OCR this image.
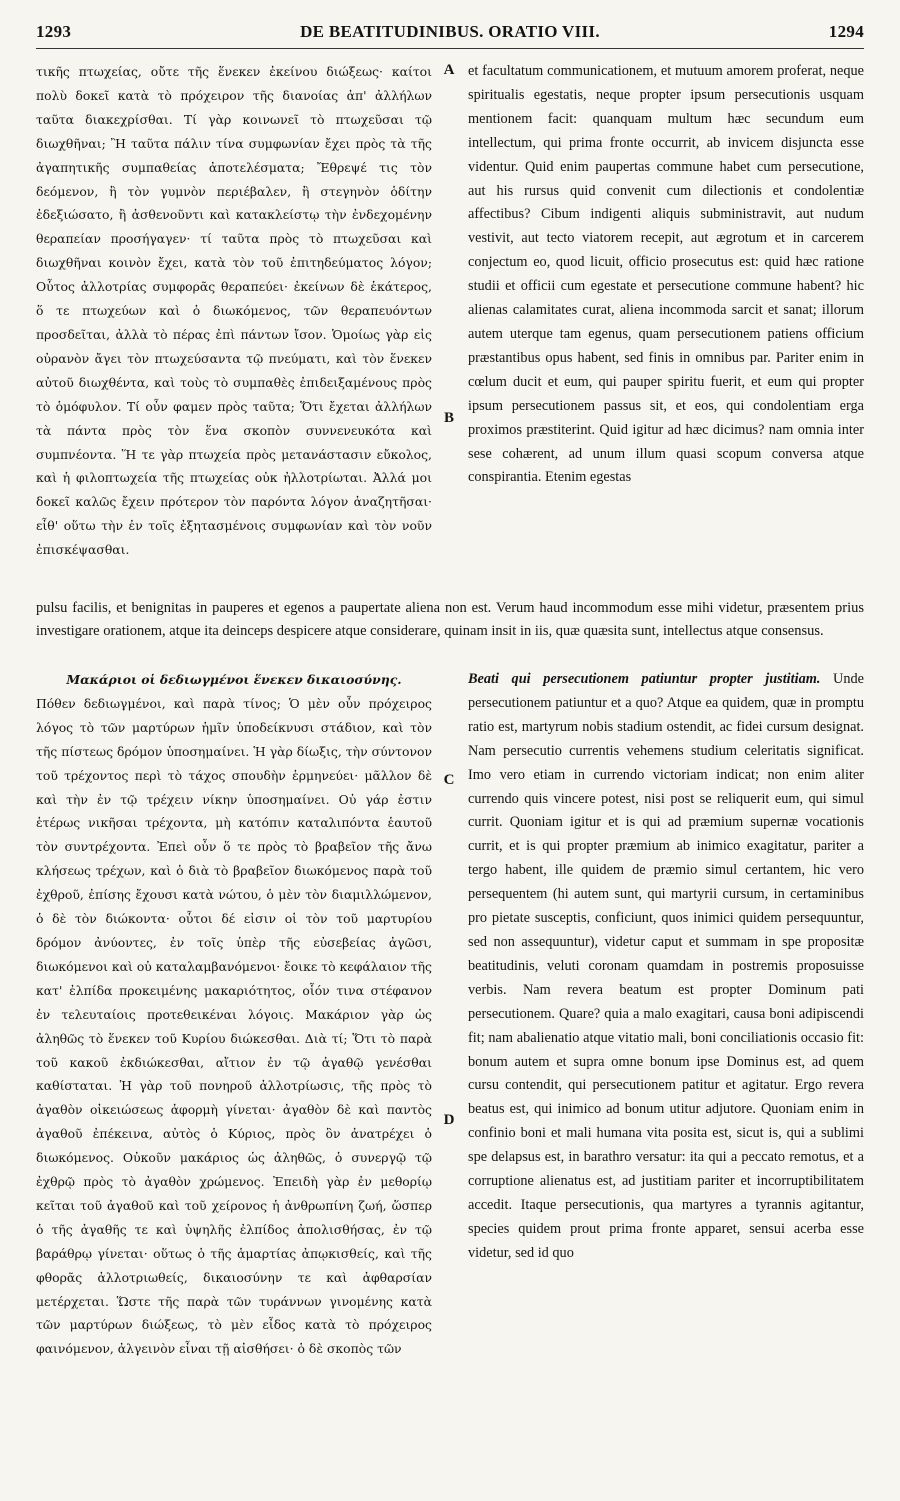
1293	DE BEATITUDINIBUS. ORATIO VIII.	1294

τικῆς πτωχείας, οὔτε τῆς ἕνεκεν ἐκείνου διώξεως· καίτοι πολὺ δοκεῖ κατὰ τὸ πρόχειρον τῆς διανοίας ἀπ' ἀλλήλων ταῦτα διακεχρίσθαι. Τί γὰρ κοινωνεῖ τὸ πτωχεῦσαι τῷ διωχθῆναι; Ἢ ταῦτα πάλιν τίνα συμφωνίαν ἔχει πρὸς τὰ τῆς ἀγαπητικῆς συμπαθείας ἀποτελέσματα; Ἔθρεψέ τις τὸν δεόμενον, ἢ τὸν γυμνὸν περιέβαλεν, ἢ στεγηνὸν ὁδίτην ἐδεξιώσατο, ἢ ἀσθενοῦντι καὶ κατακλείστῳ τὴν ἐνδεχομένην θεραπείαν προσήγαγεν· τί ταῦτα πρὸς τὸ πτωχεῦσαι καὶ διωχθῆναι κοινὸν ἔχει, κατὰ τὸν τοῦ ἐπιτηδεύματος λόγον; Οὗτος ἀλλοτρίας συμφορᾶς θεραπεύει· ἐκείνων δὲ ἑκάτερος, ὅ τε πτωχεύων καὶ ὁ διωκόμενος, τῶν θεραπευόντων προσδεῖται, ἀλλὰ τὸ πέρας ἐπὶ πάντων ἴσον. Ὁμοίως γὰρ εἰς οὐρανὸν ἄγει τὸν πτωχεύσαντα τῷ πνεύματι, καὶ τὸν ἕνεκεν αὐτοῦ διωχθέντα, καὶ τοὺς τὸ συμπαθὲς ἐπιδειξαμένους πρὸς τὸ ὁμόφυλον. Τί οὖν φαμεν πρὸς ταῦτα; Ὅτι ἔχεται ἀλλήλων τὰ πάντα πρὸς τὸν ἕνα σκοπὸν συννενευκότα καὶ συμπνέοντα. Ἥ τε γὰρ πτωχεία πρὸς μετανάστασιν εὔκολος, καὶ ἡ φιλοπτωχεία τῆς πτωχείας οὐκ ἠλλοτρίωται. Ἀλλά μοι δοκεῖ καλῶς ἔχειν πρότερον τὸν παρόντα λόγον ἀναζητῆσαι· εἶθ' οὕτω τὴν ἐν τοῖς ἐξητασμένοις συμφωνίαν καὶ τὸν νοῦν ἐπισκέψασθαι.

et facultatum communicationem, et mutuum amorem proferat, neque spiritualis egestatis, neque propter ipsum persecutionis usquam mentionem facit: quanquam multum hæc secundum eum intellectum, qui prima fronte occurrit, ab invicem disjuncta esse videntur. Quid enim paupertas commune habet cum persecutione, aut his rursus quid convenit cum dilectionis et condolentiæ affectibus? Cibum indigenti aliquis subministravit, aut nudum vestivit, aut tecto viatorem recepit, aut ægrotum et in carcerem conjectum eo, quod licuit, officio prosecutus est: quid hæc ratione studii et officii cum egestate et persecutione commune habent? hic alienas calamitates curat, aliena incommoda sarcit et sanat; illorum autem uterque tam egenus, quam persecutionem patiens officium præstantibus opus habent, sed finis in omnibus par. Pariter enim in cœlum ducit et eum, qui pauper spiritu fuerit, et eum qui propter ipsum persecutionem passus sit, et eos, qui condolentiam erga proximos præstiterint. Quid igitur ad hæc dicimus? nam omnia inter sese cohærent, ad unum illum quasi scopum conversa atque conspirantia. Etenim egestas

A
B
C
D

pulsu facilis, et benignitas in pauperes et egenos a paupertate aliena non est. Verum haud incommodum esse mihi videtur, præsentem prius investigare orationem, atque ita deinceps despicere atque considerare, quinam insit in iis, quæ quæsita sunt, intellectus atque consensus.

Μακάριοι οἱ δεδιωγμένοι ἕνεκεν δικαιοσύνης.

Πόθεν δεδιωγμένοι, καὶ παρὰ τίνος; Ὁ μὲν οὖν πρόχειρος λόγος τὸ τῶν μαρτύρων ἡμῖν ὑποδείκνυσι στάδιον, καὶ τὸν τῆς πίστεως δρόμον ὑποσημαίνει. Ἡ γὰρ δίωξις, τὴν σύντονον τοῦ τρέχοντος περὶ τὸ τάχος σπουδὴν ἑρμηνεύει· μᾶλλον δὲ καὶ τὴν ἐν τῷ τρέχειν νίκην ὑποσημαίνει. Οὐ γάρ ἐστιν ἑτέρως νικῆσαι τρέχοντα, μὴ κατόπιν καταλιπόντα ἑαυτοῦ τὸν συντρέχοντα. Ἐπεὶ οὖν ὅ τε πρὸς τὸ βραβεῖον τῆς ἄνω κλήσεως τρέχων, καὶ ὁ διὰ τὸ βραβεῖον διωκόμενος παρὰ τοῦ ἐχθροῦ, ἐπίσης ἔχουσι κατὰ νώτου, ὁ μὲν τὸν διαμιλλώμενον, ὁ δὲ τὸν διώκοντα· οὗτοι δέ εἰσιν οἱ τὸν τοῦ μαρτυρίου δρόμον ἀνύοντες, ἐν τοῖς ὑπὲρ τῆς εὐσεβείας ἀγῶσι, διωκόμενοι καὶ οὐ καταλαμβανόμενοι· ἔοικε τὸ κεφάλαιον τῆς κατ' ἐλπίδα προκειμένης μακαριότητος, οἷόν τινα στέφανον ἐν τελευταίοις προτεθεικέναι λόγοις. Μακάριον γὰρ ὡς ἀληθῶς τὸ ἕνεκεν τοῦ Κυρίου διώκεσθαι. Διὰ τί; Ὅτι τὸ παρὰ τοῦ κακοῦ ἐκδιώκεσθαι, αἴτιον ἐν τῷ ἀγαθῷ γενέσθαι καθίσταται. Ἡ γὰρ τοῦ πονηροῦ ἀλλοτρίωσις, τῆς πρὸς τὸ ἀγαθὸν οἰκειώσεως ἀφορμὴ γίνεται· ἀγαθὸν δὲ καὶ παντὸς ἀγαθοῦ ἐπέκεινα, αὐτὸς ὁ Κύριος, πρὸς ὃν ἀνατρέχει ὁ διωκόμενος. Οὐκοῦν μακάριος ὡς ἀληθῶς, ὁ συνεργῷ τῷ ἐχθρῷ πρὸς τὸ ἀγαθὸν χρώμενος. Ἐπειδὴ γὰρ ἐν μεθορίῳ κεῖται τοῦ ἀγαθοῦ καὶ τοῦ χείρονος ἡ ἀνθρωπίνη ζωή, ὥσπερ ὁ τῆς ἀγαθῆς τε καὶ ὑψηλῆς ἐλπίδος ἀπολισθήσας, ἐν τῷ βαράθρῳ γίνεται· οὕτως ὁ τῆς ἁμαρτίας ἀπῳκισθείς, καὶ τῆς φθορᾶς ἀλλοτριωθείς, δικαιοσύνην τε καὶ ἀφθαρσίαν μετέρχεται. Ὥστε τῆς παρὰ τῶν τυράννων γινομένης κατὰ τῶν μαρτύρων διώξεως, τὸ μὲν εἶδος κατὰ τὸ πρόχειρος φαινόμενον, ἀλγεινὸν εἶναι τῇ αἰσθήσει· ὁ δὲ σκοπὸς τῶν

Beati qui persecutionem patiuntur propter justitiam. Unde persecutionem patiuntur et a quo? Atque ea quidem, quæ in promptu ratio est, martyrum nobis stadium ostendit, ac fidei cursum designat. Nam persecutio currentis vehemens studium celeritatis significat. Imo vero etiam in currendo victoriam indicat; non enim aliter currendo quis vincere potest, nisi post se reliquerit eum, qui simul currit. Quoniam igitur et is qui ad præmium supernæ vocationis currit, et is qui propter præmium ab inimico exagitatur, pariter a tergo habent, ille quidem de præmio simul certantem, hic vero persequentem (hi autem sunt, qui martyrii cursum, in certaminibus pro pietate susceptis, conficiunt, quos inimici quidem persequuntur, sed non assequuntur), videtur caput et summam in spe propositæ beatitudinis, veluti coronam quamdam in postremis proposuisse verbis. Nam revera beatum est propter Dominum pati persecutionem. Quare? quia a malo exagitari, causa boni adipiscendi fit; nam abalienatio atque vitatio mali, boni conciliationis occasio fit: bonum autem et supra omne bonum ipse Dominus est, ad quem cursu contendit, qui persecutionem patitur et agitatur. Ergo revera beatus est, qui inimico ad bonum utitur adjutore. Quoniam enim in confinio boni et mali humana vita posita est, sicut is, qui a sublimi spe delapsus est, in barathro versatur: ita qui a peccato remotus, et a corruptione alienatus est, ad justitiam pariter et incorruptibilitatem accedit. Itaque persecutionis, qua martyres a tyrannis agitantur, species quidem prout prima fronte apparet, sensui acerba esse videtur, sed id quo
